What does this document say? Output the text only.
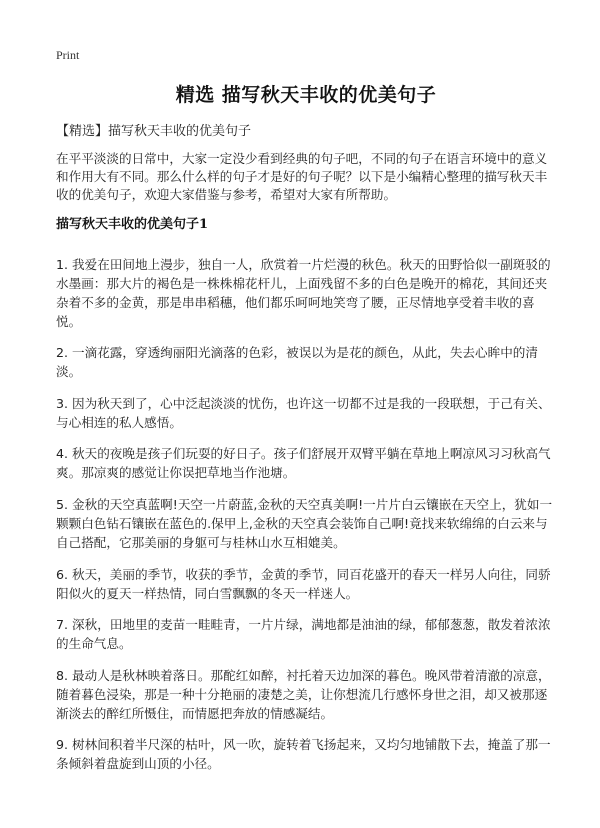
Print
精选 描写秋天丰收的优美句子
【精选】描写秋天丰收的优美句子
在平平淡淡的日常中，大家一定没少看到经典的句子吧，不同的句子在语言环境中的意义和作用大有不同。那么什么样的句子才是好的句子呢？以下是小编精心整理的描写秋天丰收的优美句子，欢迎大家借鉴与参考，希望对大家有所帮助。
描写秋天丰收的优美句子1

1. 我爱在田间地上漫步，独自一人，欣赏着一片烂漫的秋色。秋天的田野恰似一副斑驳的水墨画：那大片的褐色是一株株棉花杆儿，上面残留不多的白色是晚开的棉花，其间还夹杂着不多的金黄，那是串串稻穗，他们都乐呵呵地笑弯了腰，正尽情地享受着丰收的喜悦。

2. 一滴花露，穿透绚丽阳光滴落的色彩，被误以为是花的颜色，从此，失去心眸中的清淡。

3. 因为秋天到了，心中泛起淡淡的忧伤，也许这一切都不过是我的一段联想，于己有关、与心相连的私人感悟。

4. 秋天的夜晚是孩子们玩耍的好日子。孩子们舒展开双臂平躺在草地上啊凉风习习秋高气爽。那凉爽的感觉让你误把草地当作池塘。

5. 金秋的天空真蓝啊!天空一片蔚蓝,金秋的天空真美啊!一片片白云镶嵌在天空上，犹如一颗颗白色钻石镶嵌在蓝色的.保甲上,金秋的天空真会装饰自己啊!竟找来软绵绵的白云来与自己搭配，它那美丽的身躯可与桂林山水互相媲美。

6. 秋天，美丽的季节，收获的季节，金黄的季节，同百花盛开的春天一样另人向往，同骄阳似火的夏天一样热情，同白雪飘飘的冬天一样迷人。

7. 深秋，田地里的麦苗一畦畦青，一片片绿，满地都是油油的绿，郁郁葱葱，散发着浓浓的生命气息。

8. 最动人是秋林映着落日。那酡红如醉，衬托着天边加深的暮色。晚风带着清澈的凉意，随着暮色浸染，那是一种十分艳丽的凄楚之美，让你想流几行感怀身世之泪，却又被那逐渐淡去的醉红所慑住，而情愿把奔放的情感凝结。

9. 树林间积着半尺深的枯叶，风一吹，旋转着飞扬起来，又均匀地铺散下去，掩盖了那一条倾斜着盘旋到山顶的小径。
